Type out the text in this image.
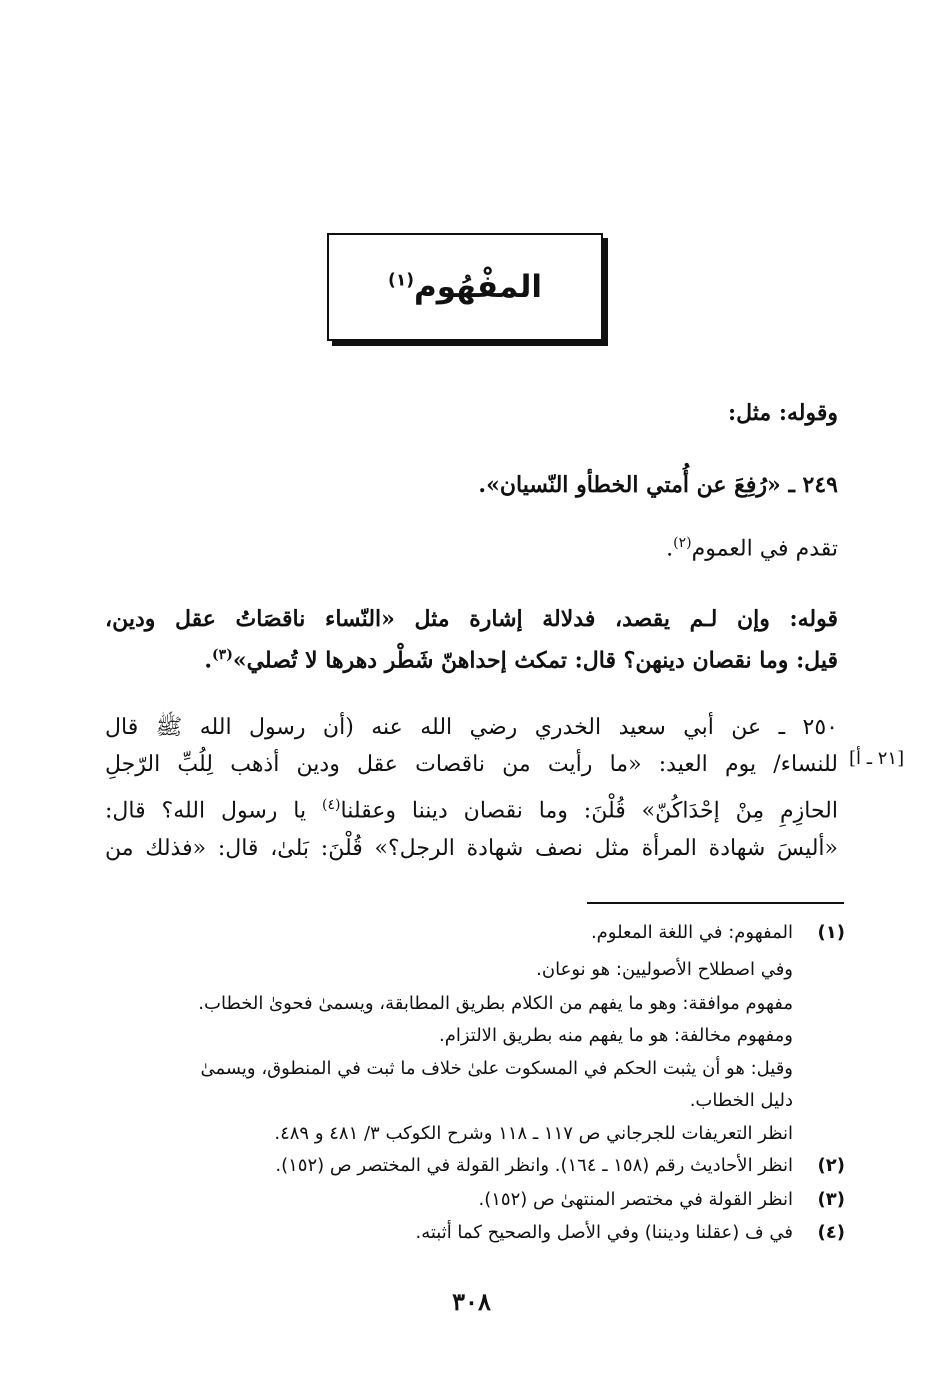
المفْهُوم$^{(١)}$
وقوله: مثل:
٢٤٩ ـ «رُفِعَ عن أُمتي الخطأو النّسيان».
تقدم في العموم$^{(٢)}$.
قوله: وإن لـم يقصد، فدلالة إشارة مثل «النّساء ناقصَاتُ عقل ودين،
قيل: وما نقصان دينهن؟ قال: تمكث إحداهنّ شَطْر دهرها لا تُصلي»$^{(٣)}$.
٢٥٠ ـ عن أبي سعيد الخدري رضي الله عنه (أن رسول الله ﷺ قال
للنساء/ يوم العيد: «ما رأيت من ناقصات عقل ودين أذهب لِلُبِّ الرّجلِ
الحازِمِ مِنْ إحْدَاكُنّ» قُلْنَ: وما نقصان ديننا وعقلنا$^{(٤)}$ يا رسول الله؟ قال:
«أليسَ شهادة المرأة مثل نصف شهادة الرجل؟» قُلْنَ: بَلىٰ، قال: «فذلك من
[٢١ ـ أ]
(١)
المفهوم: في اللغة المعلوم.
وفي اصطلاح الأصوليين: هو نوعان.
مفهوم موافقة: وهو ما يفهم من الكلام بطريق المطابقة، ويسمىٰ فحوىٰ الخطاب.
ومفهوم مخالفة: هو ما يفهم منه بطريق الالتزام.
وقيل: هو أن يثبت الحكم في المسكوت علىٰ خلاف ما ثبت في المنطوق، ويسمىٰ
دليل الخطاب.
انظر التعريفات للجرجاني ص ١١٧ ـ ١١٨ وشرح الكوكب ٣/ ٤٨١ و ٤٨٩.
(٢)
انظر الأحاديث رقم (١٥٨ ـ ١٦٤). وانظر القولة في المختصر ص (١٥٢).
(٣)
انظر القولة في مختصر المنتهىٰ ص (١٥٢).
(٤)
في ف (عقلنا وديننا) وفي الأصل والصحيح كما أثبته.
٣٠٨
